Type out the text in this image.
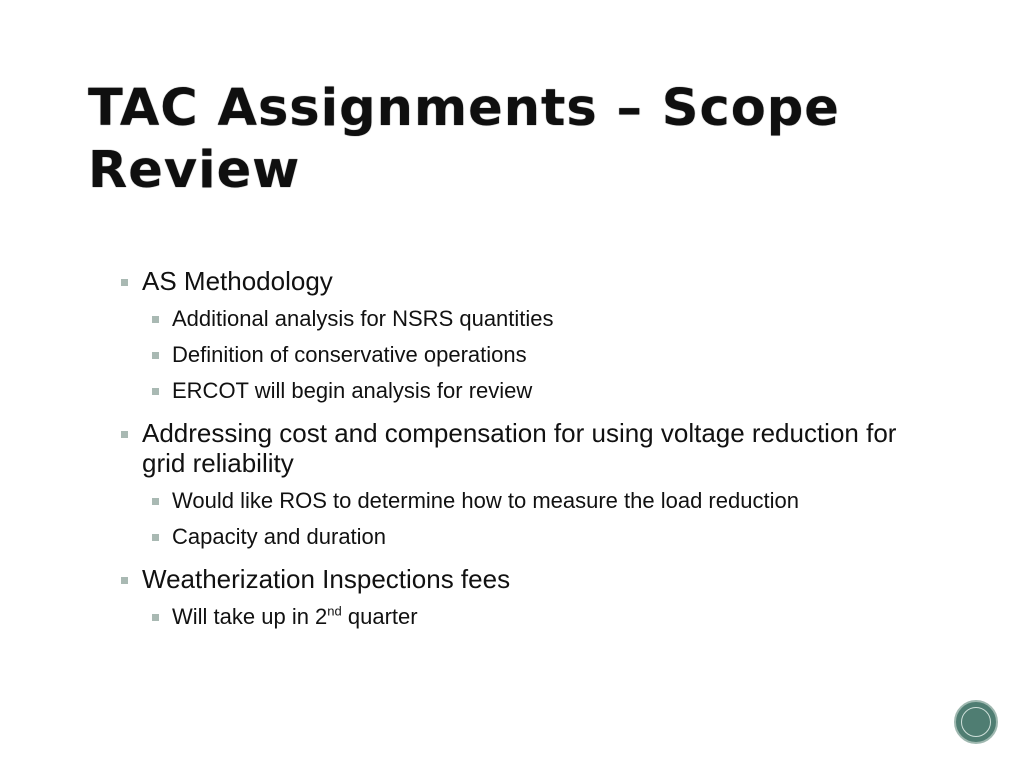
TAC Assignments – Scope Review
AS Methodology
Additional analysis for NSRS quantities
Definition of conservative operations
ERCOT will begin analysis for review
Addressing cost and compensation for using voltage reduction for grid reliability
Would like ROS to determine how to measure the load reduction
Capacity and duration
Weatherization Inspections fees
Will take up in 2nd quarter
